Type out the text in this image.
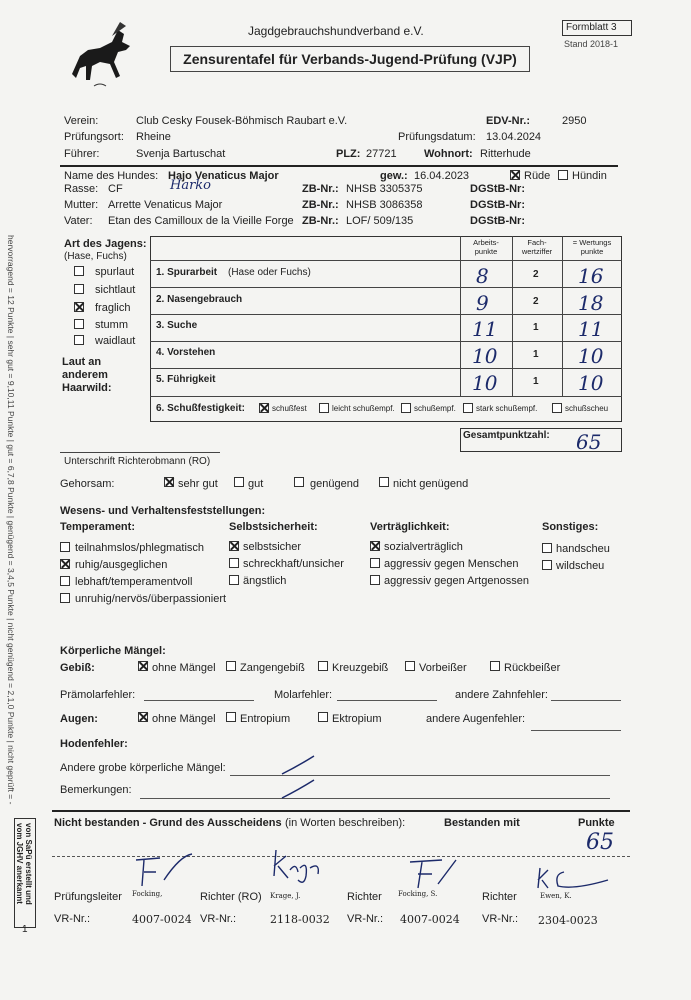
Jagdgebrauchshundverband e.V.	Formblatt 3
Stand 2018-1
Zensurentafel für Verbands-Jugend-Prüfung (VJP)
Verein:	Club Cesky Fousek-Böhmisch Raubart e.V.	EDV-Nr.:	2950
Prüfungsort: Rheine	Prüfungsdatum: 13.04.2024
Führer:	Svenja Bartuschat	PLZ: 27721 Wohnort: Ritterhude
Name des Hundes: Hajo Venaticus Major	gew.: 16.04.2023	Rüde Hündin
Rasse: CF	Harko	ZB-Nr.: NHSB 3305375	DGStB-Nr:
Mutter: Arrette Venaticus Major	ZB-Nr.: NHSB 3086358	DGStB-Nr:
Vater: Etan des Camilloux de la Vieille Forge ZB-Nr.: LOF/ 509/135	DGStB-Nr:
Art des Jagens:
(Hase, Fuchs)
spurlaut
sichtlaut
fraglich
stumm
waidlaut
Laut an anderem Haarwild:
Arbeits-
punkte
Fach-
wertziffer
= Wertungs
punkte
1. Spurarbeit (Hase oder Fuchs)	8	2 16
2. Nasengebrauch	9	2 18
3. Suche	11	1 11
4. Vorstehen	10	1 10
5. Führigkeit	10	1 10
6. Schußfestigkeit:	schußfest	leicht schußempf. schußempf.	stark schußempf.	schußscheu
Gesamtpunktzahl: 65
Unterschrift Richterobmann (RO)
Gehorsam:	sehr gut	gut	genügend	nicht genügend
Wesens- und Verhaltensfeststellungen:
Temperament:
teilnahmslos/phlegmatisch
ruhig/ausgeglichen
lebhaft/temperamentvoll
unruhig/nervös/überpassioniert
Selbstsicherheit:
selbstsicher
schreckhaft/unsicher
ängstlich
Verträglichkeit:
sozialverträglich
aggressiv gegen Menschen
aggressiv gegen Artgenossen
Sonstiges:
handscheu
wildscheu
Körperliche Mängel:
Gebiß:	ohne Mängel Zangengebiß Kreuzgebiß	Vorbeißer	Rückbeißer
Prämolarfehler:	Molarfehler:	andere Zahnfehler:
Augen:	ohne Mängel Entropium	Ektropium	andere Augenfehler:
Hodenfehler:
Andere grobe körperliche Mängel:
Bemerkungen:
Nicht bestanden - Grund des Ausscheidens (in Worten beschreiben):	Bestanden mit	Punkte
65
Focking,	Krage, J.	Focking, S.	Ewen, K.
Prüfungsleiter	Richter (RO)	Richter	Richter
VR-Nr.:	4007-0024 VR-Nr.:	2118-0032 VR-Nr.: 4007-0024 VR-Nr.: 2304-0023
hervorragend = 12 Punkte | sehr gut = 9,10,11 Punkte | gut = 6,7,8 Punkte | genügend = 3,4,5 Punkte | nicht genügend = 2,1,0 Punkte | nicht geprüft = -
von SaPü erstellt und
vom JGHV anerkannt
1
